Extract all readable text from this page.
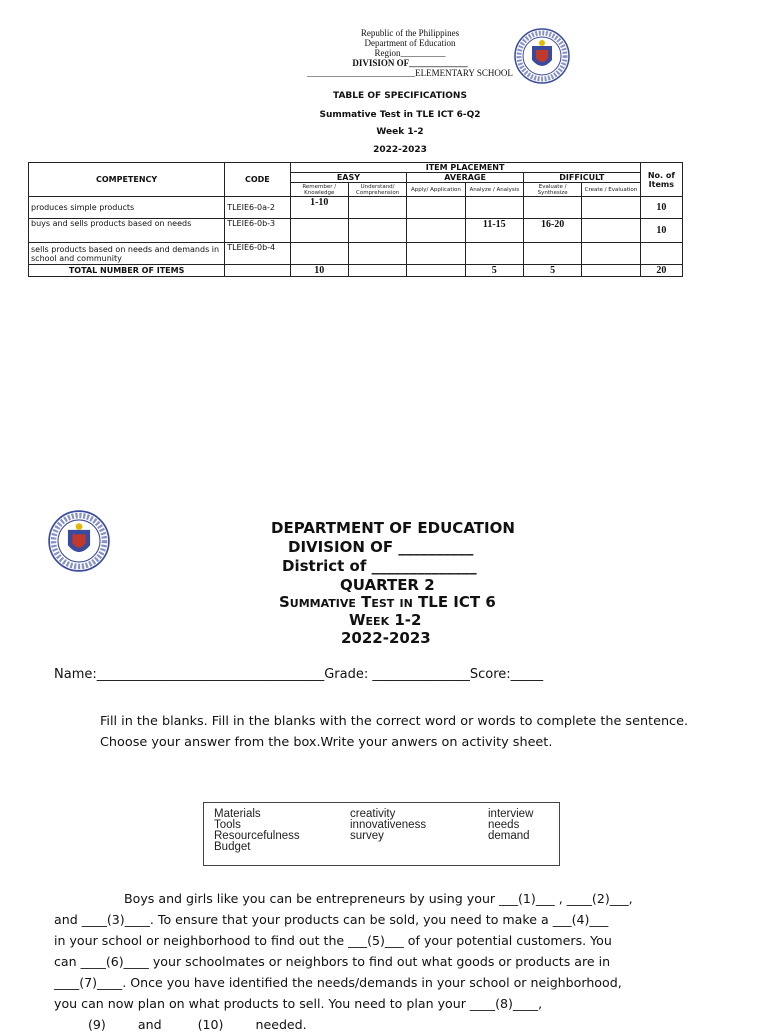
Republic of the Philippines
Department of Education
Region__________
DIVISION OF_____________
________________________ELEMENTARY SCHOOL
TABLE OF SPECIFICATIONS
Summative Test in TLE ICT 6-Q2
Week 1-2
2022-2023
COMPETENCY	CODE	ITEM PLACEMENT						No. of Items
		EASY		AVERAGE		DIFFICULT		
		Remember / Knowledge	Understand/ Comprehension	Apply/ Application	Analyze / Analysis	Evaluate / Synthesize	Create / Evaluation	
produces simple products	TLEIE6-0a-2	1-10						10
buys and sells products based on needs	TLEIE6-0b-3				11-15	16-20		10
sells products based on needs and demands in school and community	TLEIE6-0b-4							
TOTAL NUMBER OF ITEMS		10			5	5		20
DEPARTMENT OF EDUCATION
DIVISION OF __________
District of ______________
QUARTER 2
Summative Test in TLE ICT 6
Week 1-2
2022-2023
Name:___________________________________Grade: _______________Score:_____
Fill in the blanks. Fill in the blanks with the correct word or words to complete the sentence.
Choose your answer from the box.Write your anwers on activity sheet.
Materials
Tools
Resourcefulness
Budget
creativity
innovativeness
survey
interview
needs
demand
Boys and girls like you can be entrepreneurs by using your ___(1)___ , ____(2)___,
and ____(3)____. To ensure that your products can be sold, you need to make a ___(4)___
in your school or neighborhood to find out the ___(5)___ of your potential customers. You
can ____(6)____ your schoolmates or neighbors to find out what goods or products are in
____(7)____. Once you have identified the needs/demands in your school or neighborhood,
you can now plan on what products to sell. You need to plan your ____(8)____,
(9)        and         (10)        needed.
